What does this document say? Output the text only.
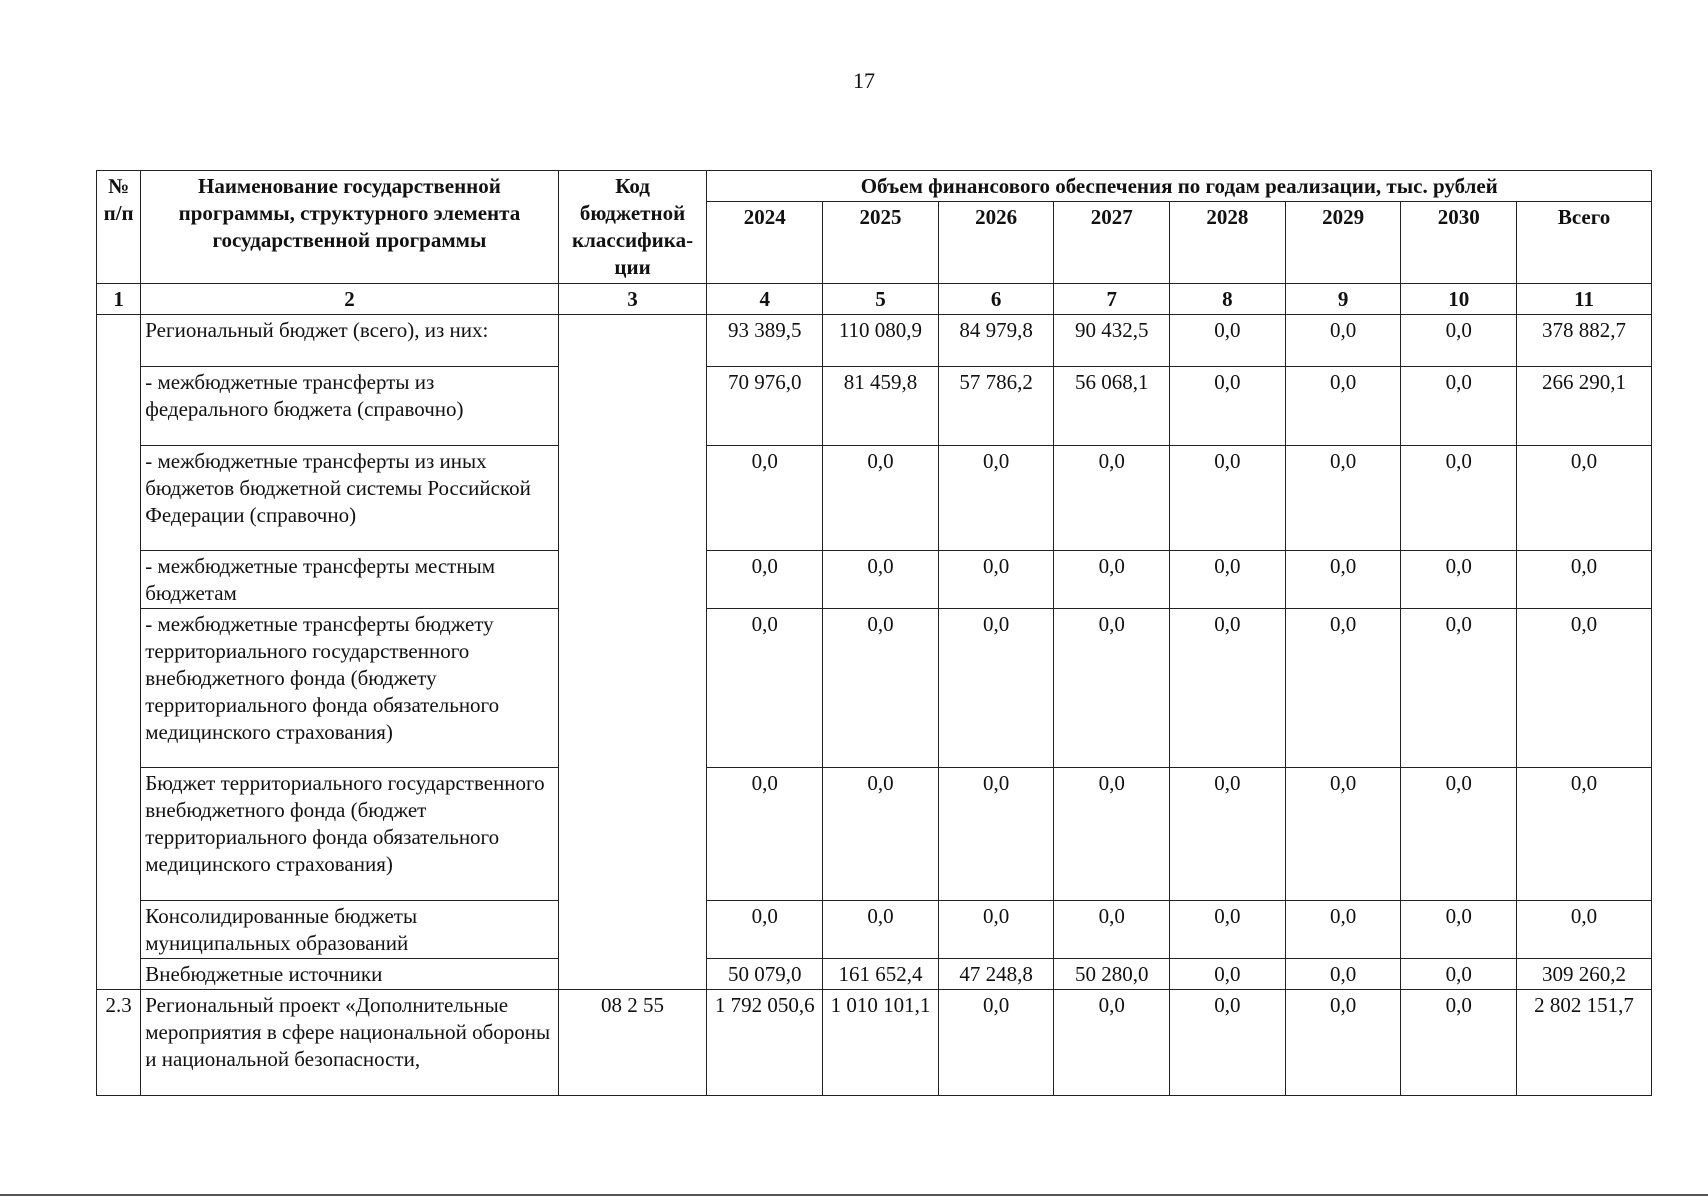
17
№ п/п	Наименование государственной программы, структурного элемента государственной программы	Код бюджетной классифика-ции	Объем финансового обеспечения по годам реализации, тыс. рублей							
			2024	2025	2026	2027	2028	2029	2030	Всего
1	2	3	4	5	6	7	8	9	10	11
	Региональный бюджет (всего), из них:		93 389,5	110 080,9	84 979,8	90 432,5	0,0	0,0	0,0	378 882,7
	- межбюджетные трансферты из федерального бюджета (справочно)		70 976,0	81 459,8	57 786,2	56 068,1	0,0	0,0	0,0	266 290,1
	- межбюджетные трансферты из иных бюджетов бюджетной системы Российской Федерации (справочно)		0,0	0,0	0,0	0,0	0,0	0,0	0,0	0,0
	- межбюджетные трансферты местным бюджетам		0,0	0,0	0,0	0,0	0,0	0,0	0,0	0,0
	- межбюджетные трансферты бюджету территориального государственного внебюджетного фонда (бюджету территориального фонда обязательного медицинского страхования)		0,0	0,0	0,0	0,0	0,0	0,0	0,0	0,0
	Бюджет территориального государственного внебюджетного фонда (бюджет территориального фонда обязательного медицинского страхования)		0,0	0,0	0,0	0,0	0,0	0,0	0,0	0,0
	Консолидированные бюджеты муниципальных образований		0,0	0,0	0,0	0,0	0,0	0,0	0,0	0,0
	Внебюджетные источники		50 079,0	161 652,4	47 248,8	50 280,0	0,0	0,0	0,0	309 260,2
2.3	Региональный проект «Дополнительные мероприятия в сфере национальной обороны и национальной безопасности,	08 2 55	1 792 050,6	1 010 101,1	0,0	0,0	0,0	0,0	0,0	2 802 151,7
